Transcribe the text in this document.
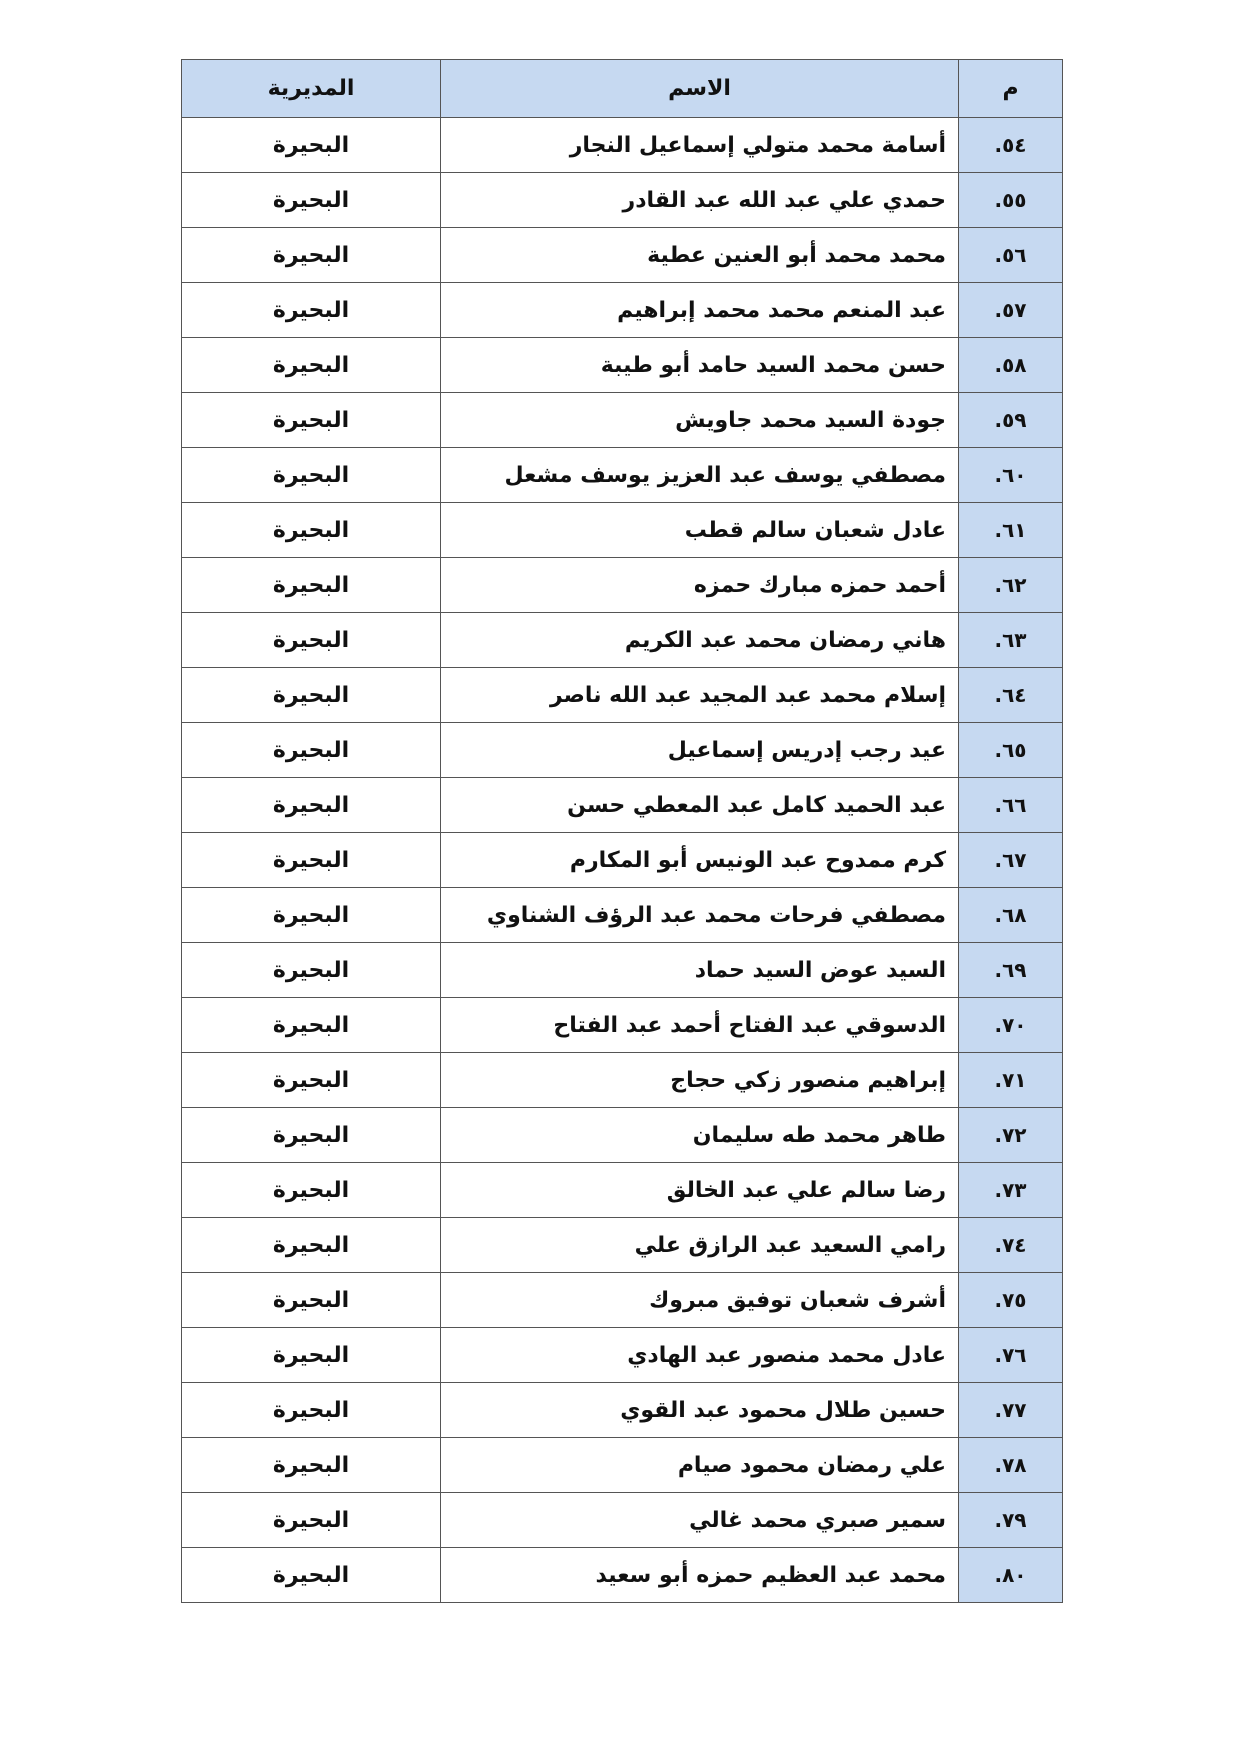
م	الاسم	المديرية
٥٤.	أسامة محمد متولي إسماعيل النجار	البحيرة
٥٥.	حمدي علي عبد الله عبد القادر	البحيرة
٥٦.	محمد محمد أبو العنين عطية	البحيرة
٥٧.	عبد المنعم محمد محمد إبراهيم	البحيرة
٥٨.	حسن محمد السيد حامد أبو طيبة	البحيرة
٥٩.	جودة السيد محمد جاويش	البحيرة
٦٠.	مصطفي يوسف عبد العزيز يوسف مشعل	البحيرة
٦١.	عادل شعبان سالم قطب	البحيرة
٦٢.	أحمد حمزه مبارك حمزه	البحيرة
٦٣.	هاني رمضان محمد عبد الكريم	البحيرة
٦٤.	إسلام محمد عبد المجيد عبد الله ناصر	البحيرة
٦٥.	عيد رجب إدريس إسماعيل	البحيرة
٦٦.	عبد الحميد كامل عبد المعطي حسن	البحيرة
٦٧.	كرم ممدوح عبد الونيس أبو المكارم	البحيرة
٦٨.	مصطفي فرحات محمد عبد الرؤف الشناوي	البحيرة
٦٩.	السيد عوض السيد حماد	البحيرة
٧٠.	الدسوقي عبد الفتاح أحمد عبد الفتاح	البحيرة
٧١.	إبراهيم منصور زكي حجاج	البحيرة
٧٢.	طاهر محمد طه سليمان	البحيرة
٧٣.	رضا سالم علي عبد الخالق	البحيرة
٧٤.	رامي السعيد عبد الرازق علي	البحيرة
٧٥.	أشرف شعبان توفيق مبروك	البحيرة
٧٦.	عادل محمد منصور عبد الهادي	البحيرة
٧٧.	حسين طلال محمود عبد القوي	البحيرة
٧٨.	علي رمضان محمود صيام	البحيرة
٧٩.	سمير صبري محمد غالي	البحيرة
٨٠.	محمد عبد العظيم حمزه أبو سعيد	البحيرة
